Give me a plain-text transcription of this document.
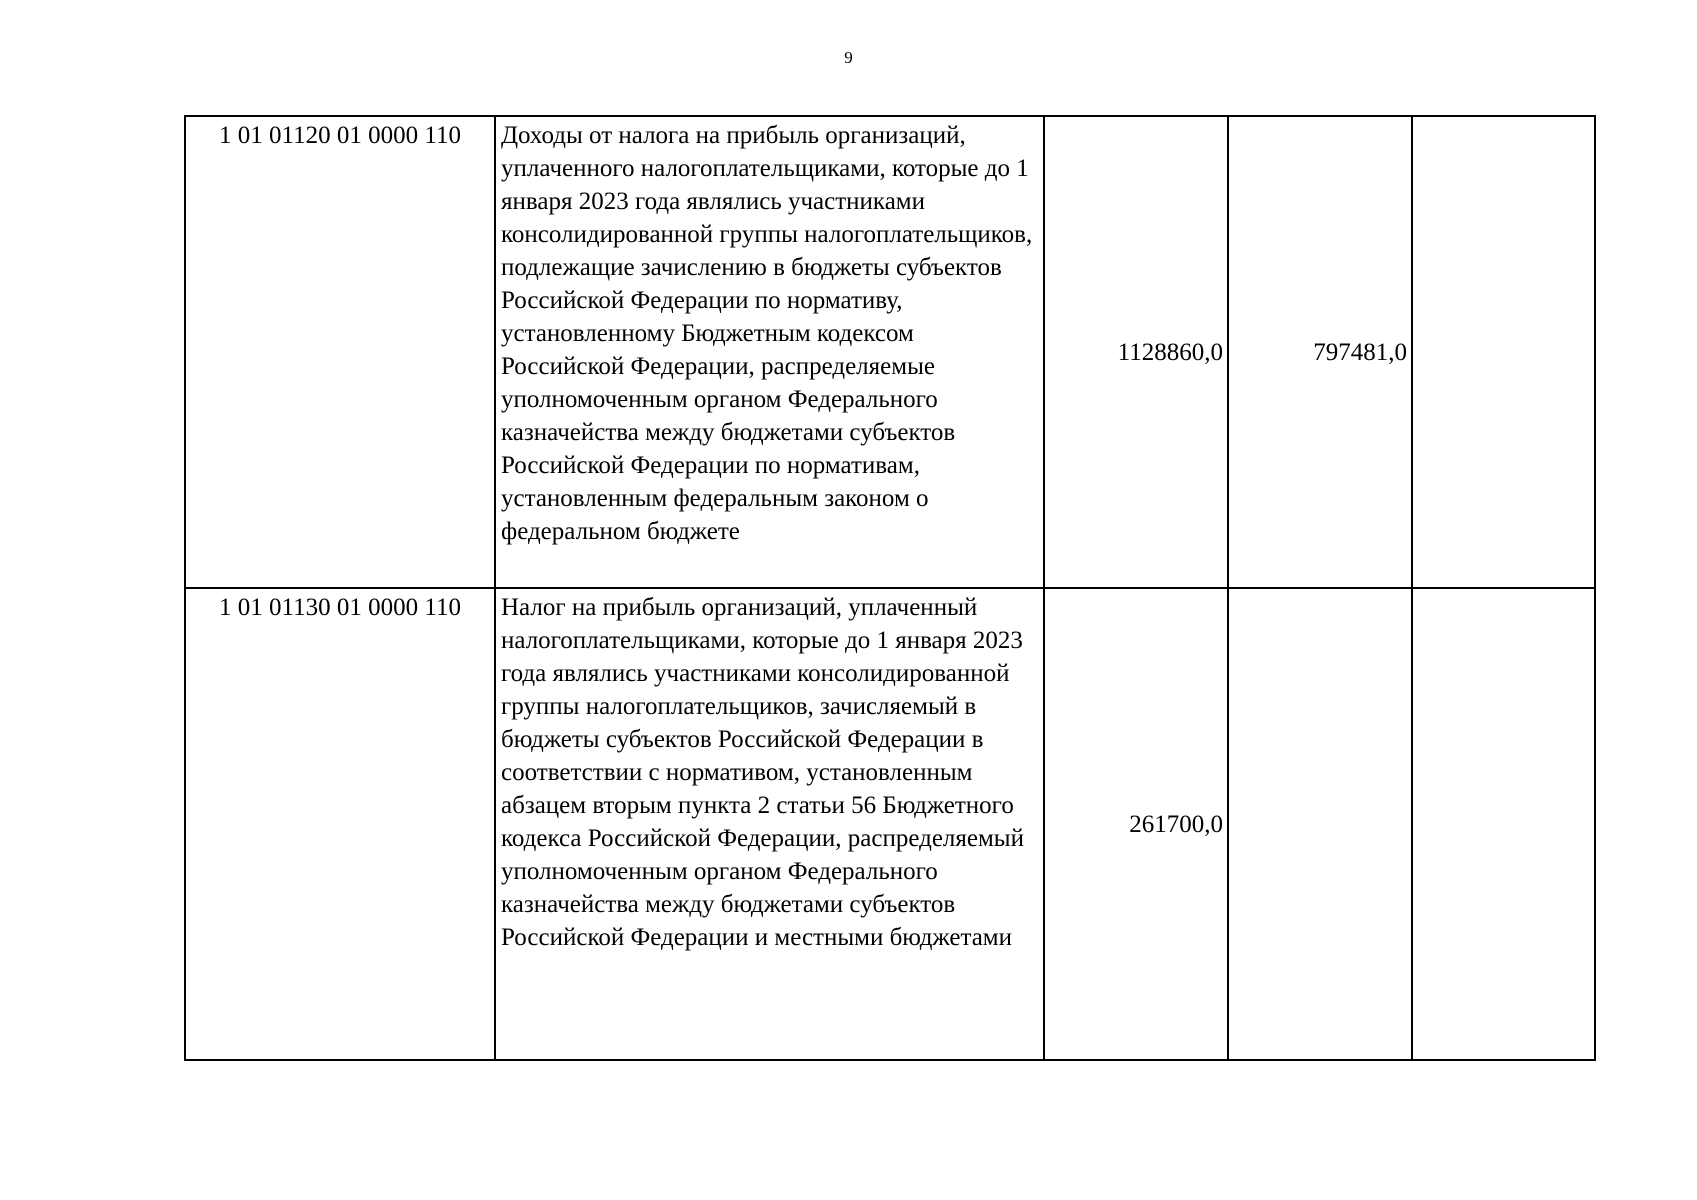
9
1 01 01120 01 0000 110	Доходы от налога на прибыль организаций, уплаченного налогоплательщиками, которые до 1 января 2023 года являлись участниками консолидированной группы налогоплательщиков, подлежащие зачислению в бюджеты субъектов Российской Федерации по нормативу, установленному Бюджетным кодексом Российской Федерации, распределяемые уполномоченным органом Федерального казначейства между бюджетами субъектов Российской Федерации по нормативам, установленным федеральным законом о федеральном бюджете	1128860,0	797481,0	
1 01 01130 01 0000 110	Налог на прибыль организаций, уплаченный налогоплательщиками, которые до 1 января 2023 года являлись участниками консолидированной группы налогоплательщиков, зачисляемый в бюджеты субъектов Российской Федерации в соответствии с нормативом, установленным абзацем вторым пункта 2 статьи 56 Бюджетного кодекса Российской Федерации, распределяемый уполномоченным органом Федерального казначейства между бюджетами субъектов Российской Федерации и местными бюджетами	261700,0		
